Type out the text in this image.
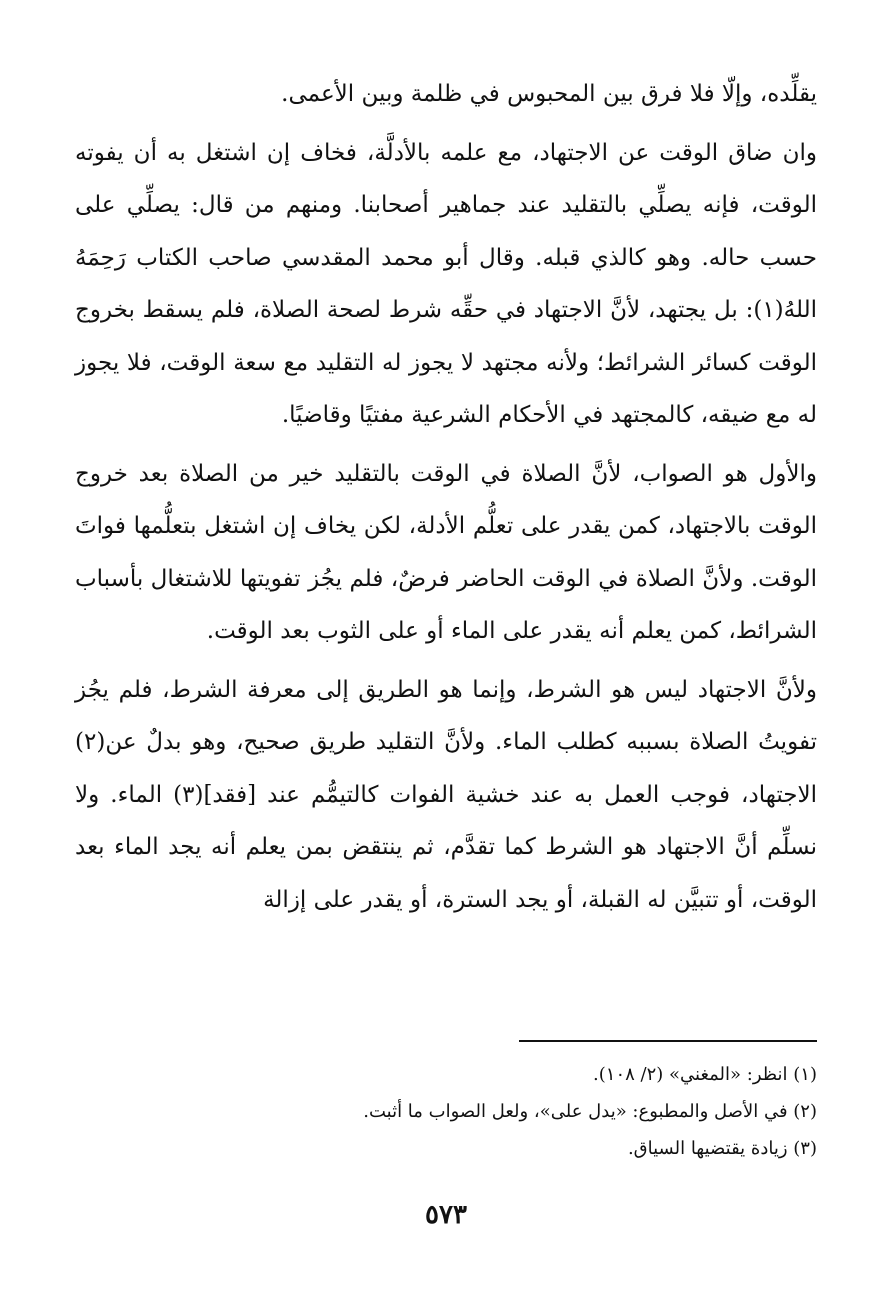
يقلِّده، وإلّا فلا فرق بين المحبوس في ظلمة وبين الأعمى.

وان ضاق الوقت عن الاجتهاد، مع علمه بالأدلَّة، فخاف إن اشتغل به أن يفوته الوقت، فإنه يصلِّي بالتقليد عند جماهير أصحابنا. ومنهم من قال: يصلِّي على حسب حاله. وهو كالذي قبله. وقال أبو محمد المقدسي صاحب الكتاب رَحِمَهُ اللهُ(١): بل يجتهد، لأنَّ الاجتهاد في حقِّه شرط لصحة الصلاة، فلم يسقط بخروج الوقت كسائر الشرائط؛ ولأنه مجتهد لا يجوز له التقليد مع سعة الوقت، فلا يجوز له مع ضيقه، كالمجتهد في الأحكام الشرعية مفتيًا وقاضيًا.

والأول هو الصواب، لأنَّ الصلاة في الوقت بالتقليد خير من الصلاة بعد خروج الوقت بالاجتهاد، كمن يقدر على تعلُّم الأدلة، لكن يخاف إن اشتغل بتعلُّمها فواتَ الوقت. ولأنَّ الصلاة في الوقت الحاضر فرضٌ، فلم يجُز تفويتها للاشتغال بأسباب الشرائط، كمن يعلم أنه يقدر على الماء أو على الثوب بعد الوقت.

ولأنَّ الاجتهاد ليس هو الشرط، وإنما هو الطريق إلى معرفة الشرط، فلم يجُز تفويتُ الصلاة بسببه كطلب الماء. ولأنَّ التقليد طريق صحيح، وهو بدلٌ عن(٢) الاجتهاد، فوجب العمل به عند خشية الفوات كالتيمُّم عند [فقد](٣) الماء. ولا نسلِّم أنَّ الاجتهاد هو الشرط كما تقدَّم، ثم ينتقض بمن يعلم أنه يجد الماء بعد الوقت، أو تتبيَّن له القبلة، أو يجد السترة، أو يقدر على إزالة

(١) انظر: «المغني» (٢/ ١٠٨).

(٢) في الأصل والمطبوع: «يدل على»، ولعل الصواب ما أثبت.

(٣) زيادة يقتضيها السياق.

٥٧٣
